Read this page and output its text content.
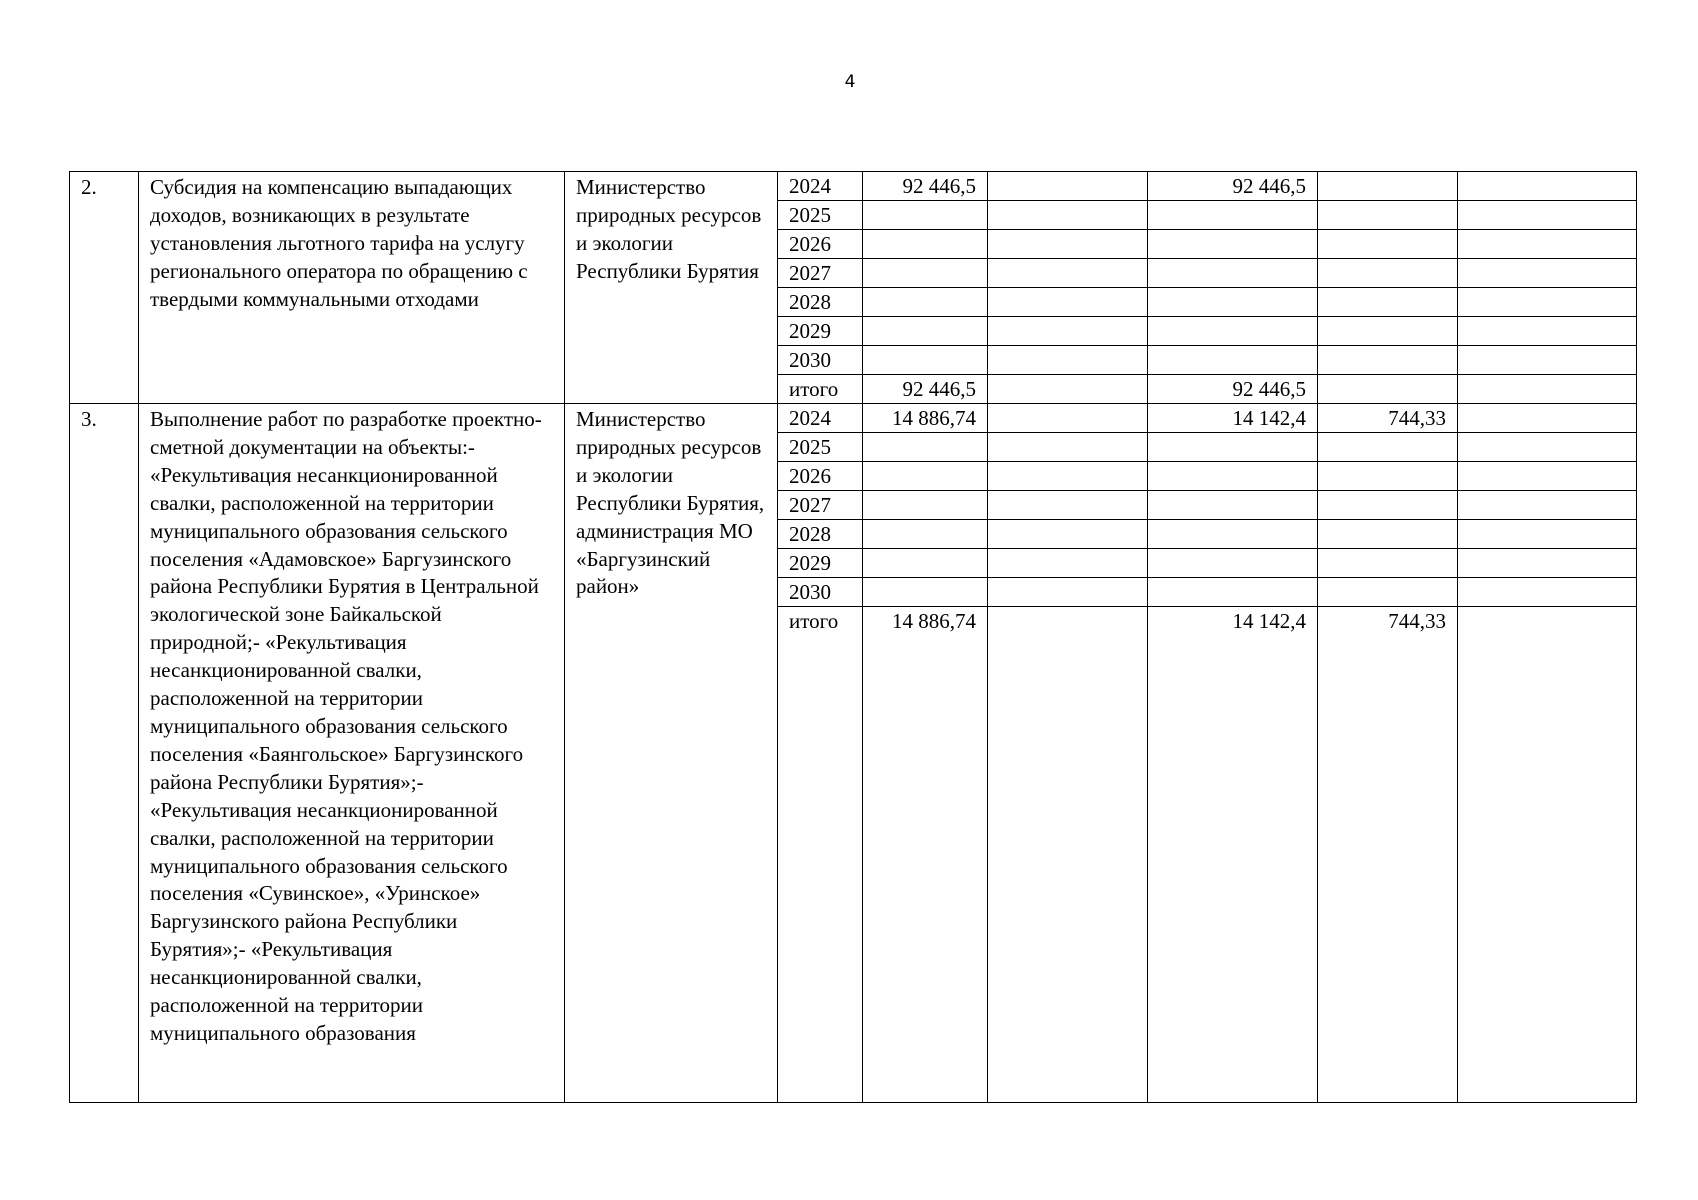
4
2.	Субсидия на компенсацию выпадающих доходов, возникающих в результате установления льготного тарифа на услугу регионального оператора по обращению с твердыми коммунальными отходами	Министерство природных ресурсов и экологии Республики Бурятия	2024	92 446,5		92 446,5		
			2025					
			2026					
			2027					
			2028					
			2029					
			2030					
			итого	92 446,5		92 446,5		
3.	Выполнение работ по разработке проектно-сметной документации на объекты:- «Рекультивация несанкционированной свалки, расположенной на территории муниципального образования сельского поселения «Адамовское» Баргузинского района Республики Бурятия в Центральной экологической зоне Байкальской природной;- «Рекультивация несанкционированной свалки, расположенной на территории муниципального образования сельского поселения «Баянгольское» Баргузинского района Республики Бурятия»;- «Рекультивация несанкционированной свалки, расположенной на территории муниципального образования сельского поселения «Сувинское», «Уринское» Баргузинского района Республики Бурятия»;- «Рекультивация несанкционированной свалки, расположенной на территории муниципального образования	Министерство природных ресурсов и экологии Республики Бурятия, администрация МО «Баргузинский район»	2024	14 886,74		14 142,4	744,33	
			2025					
			2026					
			2027					
			2028					
			2029					
			2030					
			итого	14 886,74		14 142,4	744,33	
